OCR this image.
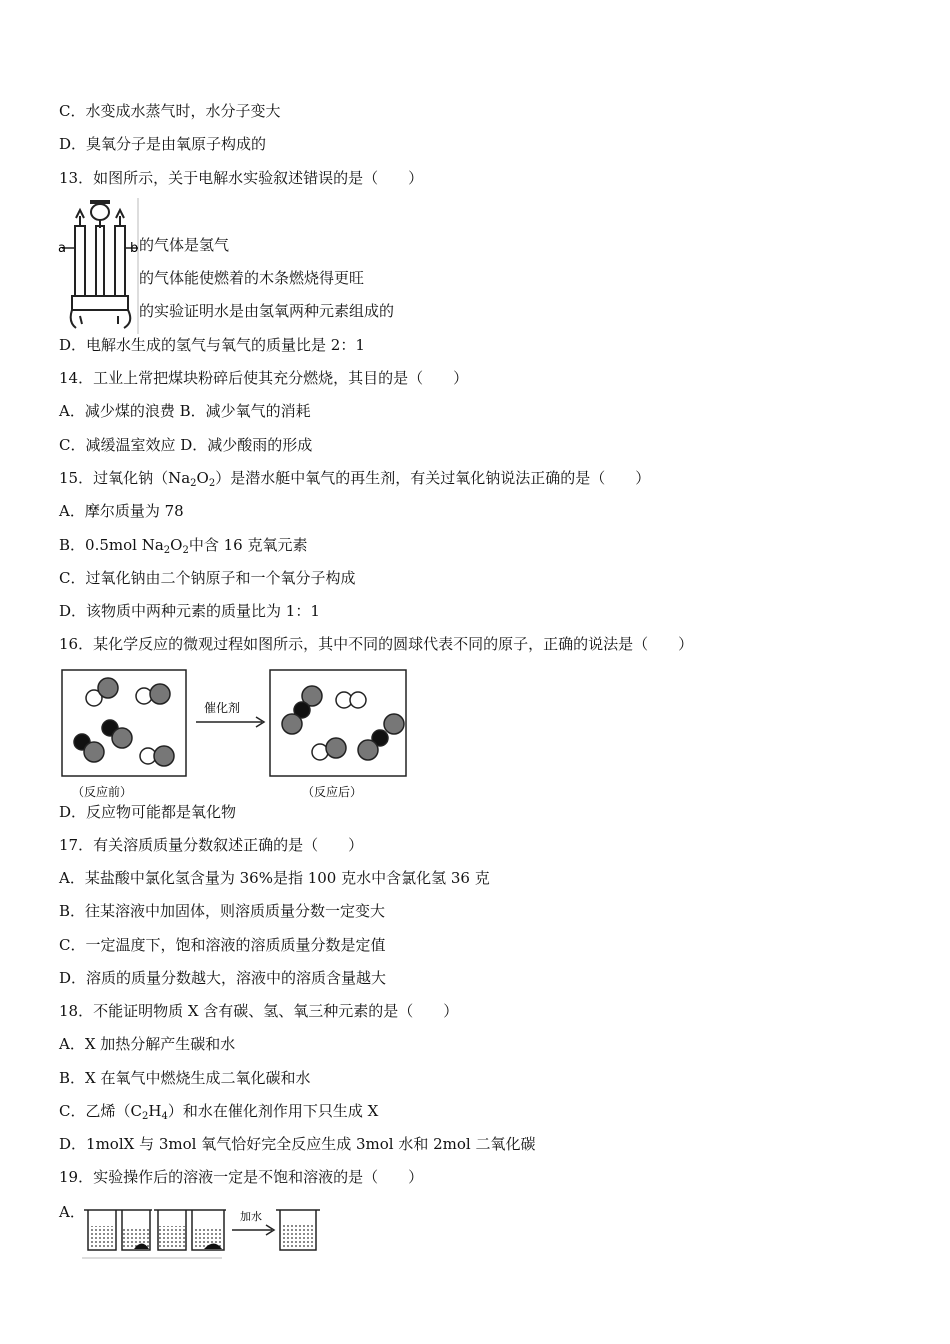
C．水变成水蒸气时，水分子变大
D．臭氧分子是由氧原子构成的
13．如图所示，关于电解水实验叙述错误的是（　　）
a	b 的气体是氢气
的气体能使燃着的木条燃烧得更旺
的实验证明水是由氢氧两种元素组成的
D．电解水生成的氢气与氧气的质量比是 2：1
14．工业上常把煤块粉碎后使其充分燃烧，其目的是（　　）
A．减少煤的浪费 B．减少氧气的消耗
C．减缓温室效应 D．减少酸雨的形成
15．过氧化钠$(Na_2O_2)$是潜水艇中氧气的再生剂，有关过氧化钠说法正确的是（　　）
A．摩尔质量为 78
B．0.5mol $Na_2O_2$中含 16 克氧元素
C．过氧化钠由二个钠原子和一个氧分子构成
D．该物质中两种元素的质量比为 1：1
16．某化学反应的微观过程如图所示，其中不同的圆球代表不同的原子，正确的说法是（　　）
催化剂
（反应前）	（反应后）
D．反应物可能都是氧化物
17．有关溶质质量分数叙述正确的是（　　）
A．某盐酸中氯化氢含量为 36%是指 100 克水中含氯化氢 36 克
B．往某溶液中加固体，则溶质质量分数一定变大
C．一定温度下，饱和溶液的溶质质量分数是定值
D．溶质的质量分数越大，溶液中的溶质含量越大
18．不能证明物质 X 含有碳、氢、氧三种元素的是（　　）
A．X 加热分解产生碳和水
B．X 在氧气中燃烧生成二氧化碳和水
C．乙烯$(C_2H_4)$和水在催化剂作用下只生成 X
D．1molX 与 3mol 氧气恰好完全反应生成 3mol 水和 2mol 二氧化碳
19．实验操作后的溶液一定是不饱和溶液的是（　　）
A．	加水
